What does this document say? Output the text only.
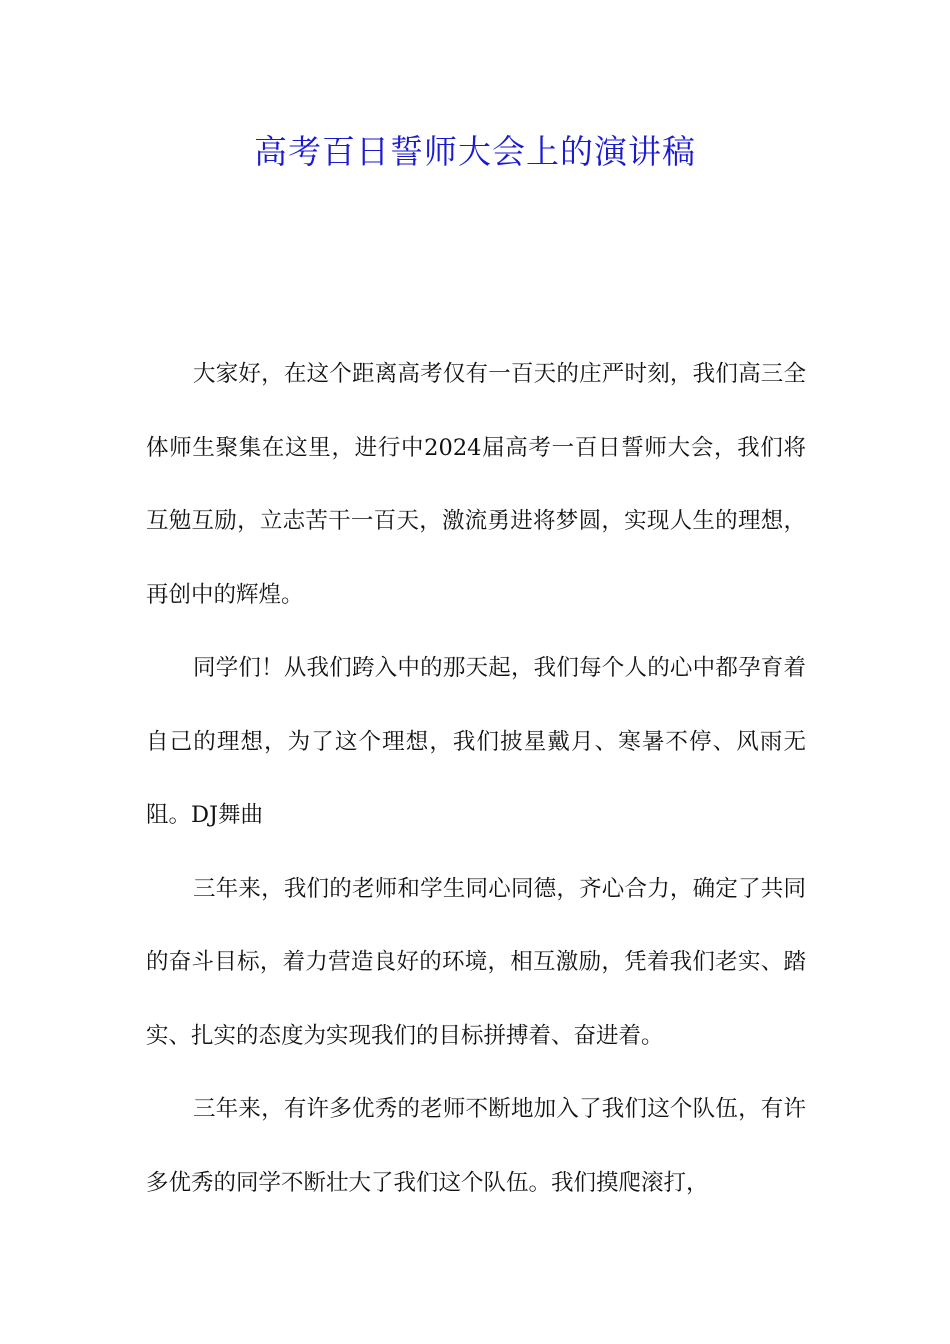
高考百日誓师大会上的演讲稿

大家好，在这个距离高考仅有一百天的庄严时刻，我们高三全体师生聚集在这里，进行中2024届高考一百日誓师大会，我们将互勉互励，立志苦干一百天，激流勇进将梦圆，实现人生的理想，再创中的辉煌。

同学们！从我们跨入中的那天起，我们每个人的心中都孕育着自己的理想，为了这个理想，我们披星戴月、寒暑不停、风雨无阻。DJ舞曲

三年来，我们的老师和学生同心同德，齐心合力，确定了共同的奋斗目标，着力营造良好的环境，相互激励，凭着我们老实、踏实、扎实的态度为实现我们的目标拼搏着、奋进着。

三年来，有许多优秀的老师不断地加入了我们这个队伍，有许多优秀的同学不断壮大了我们这个队伍。我们摸爬滚打，
